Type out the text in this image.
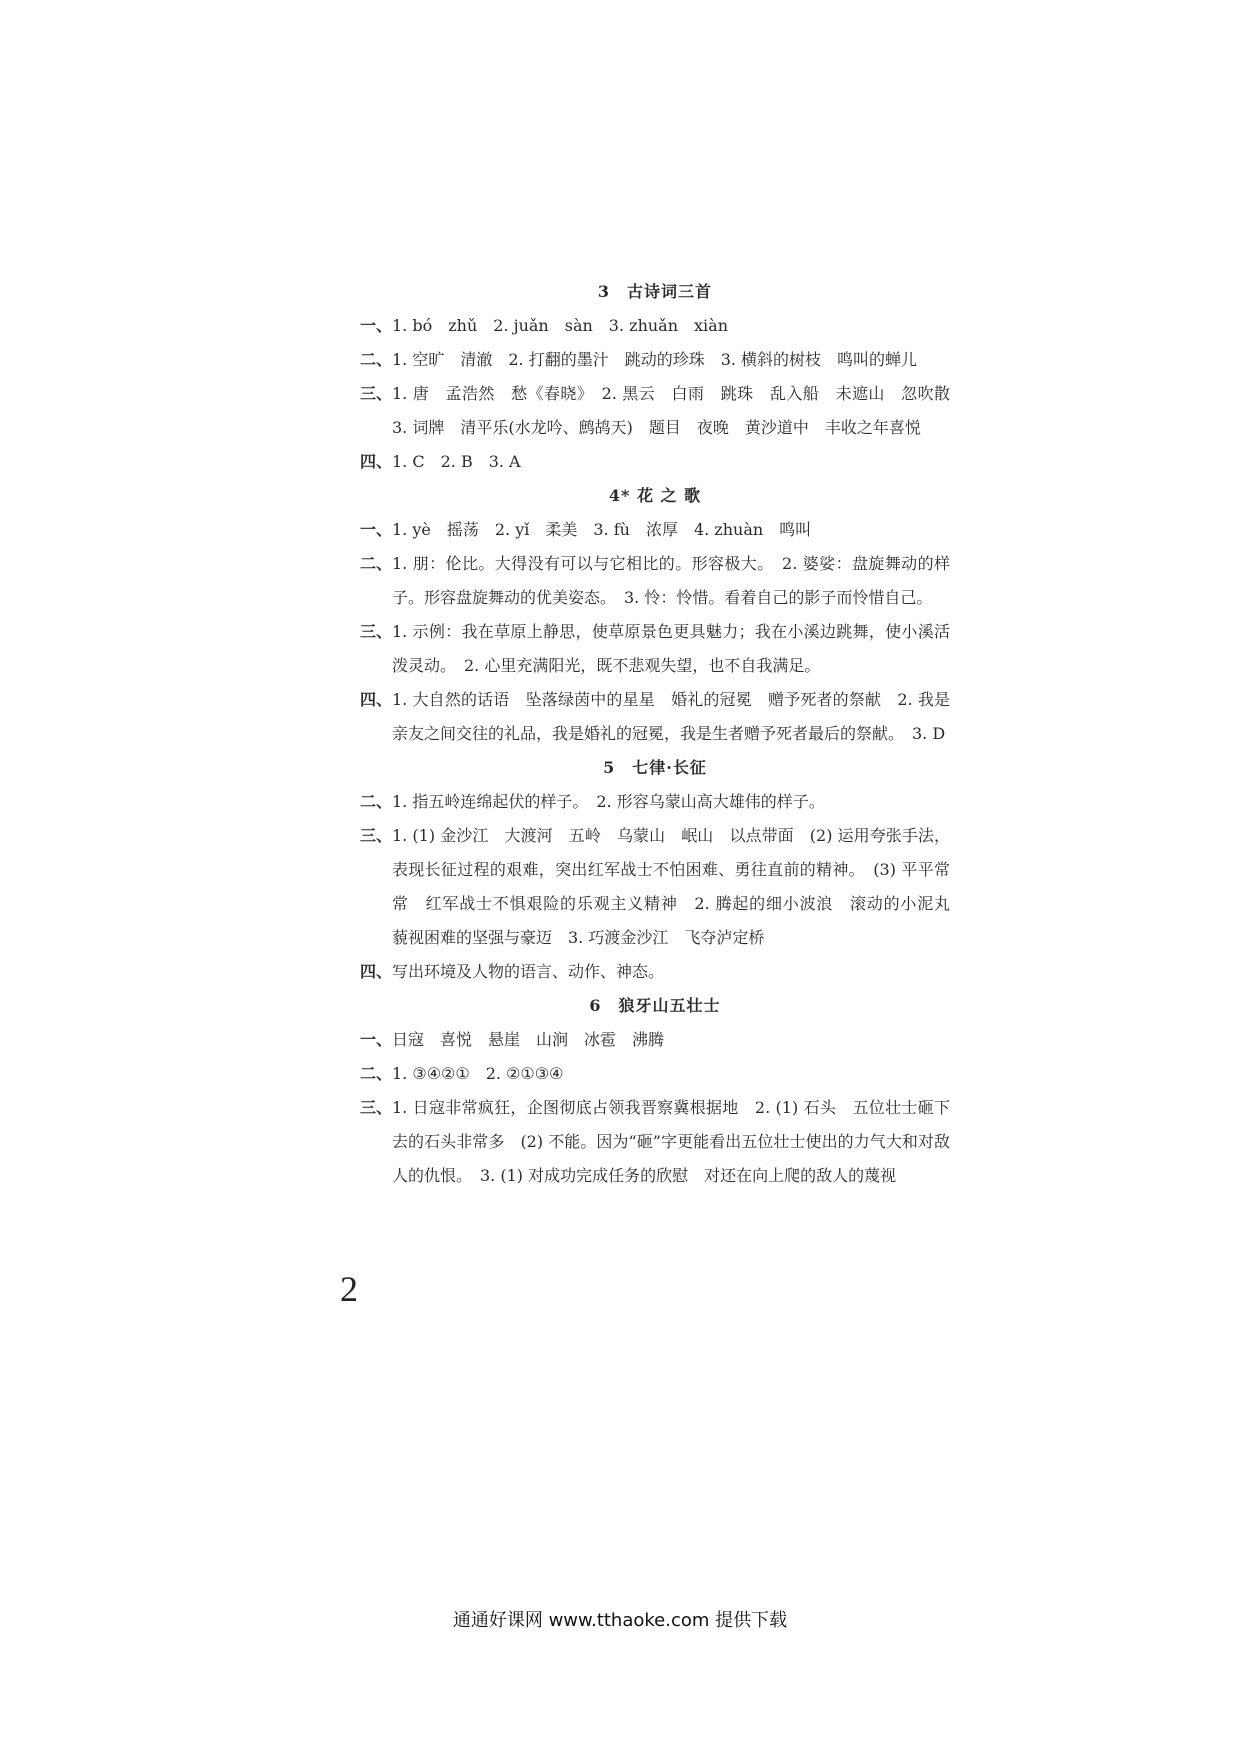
3　古诗词三首
一、 1. bó　zhǔ　2. juǎn　sàn　3. zhuǎn　xiàn
二、 1. 空旷　清澈　2. 打翻的墨汁　跳动的珍珠　3. 横斜的树枝　鸣叫的蝉儿
三、 1. 唐　孟浩然　愁《春晓》　2. 黑云　白雨　跳珠　乱入船　未遮山　忽吹散　3. 词牌　清平乐(水龙吟、鹧鸪天)　题目　夜晚　黄沙道中　丰收之年喜悦
四、 1. C　2. B　3. A
4* 花 之 歌
一、 1. yè　摇荡　2. yǐ　柔美　3. fù　浓厚　4. zhuàn　鸣叫
二、 1. 朋：伦比。大得没有可以与它相比的。形容极大。　2. 婆娑：盘旋舞动的样子。形容盘旋舞动的优美姿态。　3. 怜：怜惜。看着自己的影子而怜惜自己。
三、 1. 示例：我在草原上静思，使草原景色更具魅力；我在小溪边跳舞，使小溪活泼灵动。　2. 心里充满阳光，既不悲观失望，也不自我满足。
四、 1. 大自然的话语　坠落绿茵中的星星　婚礼的冠冕　赠予死者的祭献　2. 我是亲友之间交往的礼品，我是婚礼的冠冕，我是生者赠予死者最后的祭献。　3. D
5　七律·长征
二、 1. 指五岭连绵起伏的样子。　2. 形容乌蒙山高大雄伟的样子。
三、 1. (1) 金沙江　大渡河　五岭　乌蒙山　岷山　以点带面　(2) 运用夸张手法，表现长征过程的艰难，突出红军战士不怕困难、勇往直前的精神。　(3) 平平常常　红军战士不惧艰险的乐观主义精神　2. 腾起的细小波浪　滚动的小泥丸　藐视困难的坚强与豪迈　3. 巧渡金沙江　飞夺泸定桥
四、 写出环境及人物的语言、动作、神态。
6　狼牙山五壮士
一、 日寇　喜悦　悬崖　山涧　冰雹　沸腾
二、 1. ③④②①　2. ②①③④
三、 1. 日寇非常疯狂，企图彻底占领我晋察冀根据地　2. (1) 石头　五位壮士砸下去的石头非常多　(2) 不能。因为“砸”字更能看出五位壮士使出的力气大和对敌人的仇恨。　3. (1) 对成功完成任务的欣慰　对还在向上爬的敌人的蔑视
2
通通好课网 www.tthaoke.com 提供下载
